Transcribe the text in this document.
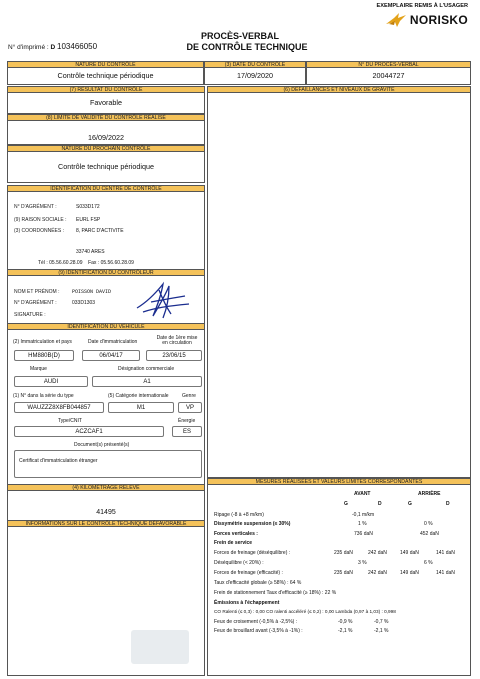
EXEMPLAIRE REMIS À L'USAGER
NORISKO
PROCÈS-VERBAL
DE CONTRÔLE TECHNIQUE
N° d'imprimé : D 103466050
NATURE DU CONTRÔLE
Contrôle technique périodique
(3) DATE DU CONTRÔLE
17/09/2020
N° DU PROCÈS-VERBAL
20044727
(6) DÉFAILLANCES ET NIVEAUX DE GRAVITÉ
(7) RÉSULTAT DU CONTRÔLE
Favorable
(8) LIMITE DE VALIDITÉ DU CONTRÔLE RÉALISÉ
16/09/2022
NATURE DU PROCHAIN CONTRÔLE
Contrôle technique périodique
IDENTIFICATION DU CENTRE DE CONTRÔLE
N° D'AGRÉMENT :	S033D172
(9) RAISON SOCIALE : EURL FSP
(3) COORDONNÉES : 8, PARC D'ACTIVITE
33740 ARES
Tél : 05.56.60.28.09 Fax : 05.56.60.28.09
(9) IDENTIFICATION DU CONTRÔLEUR
NOM ET PRÉNOM :	POISSON DAVID
N° D'AGRÉMENT :	033D1303
SIGNATURE :
IDENTIFICATION DU VÉHICULE
(2) Immatriculation et pays	Date d'immatriculation
Date de 1ère mise en circulation
HM880B(D)	06/04/17	23/06/15
Marque	Désignation commerciale
AUDI	A1
(1) N° dans la série du type	(5) Catégorie internationale	Genre
WAUZZZ8X8FB044857	M1	VP
Type/CNIT	Énergie
ACZCAF1	ES
Document(s) présenté(s)
Certificat d'immatriculation étranger
(4) KILOMÉTRAGE RELEVÉ
41495
INFORMATIONS SUR LE CONTRÔLE TECHNIQUE DÉFAVORABLE
MESURES RÉALISÉES ET VALEURS LIMITES CORRESPONDANTES
AVANT	ARRIÈRE
G	D	G	D
Ripage (-8 à +8 m/km)	-0,1 m/km
Dissymétrie suspension (≤ 30%)	1 %	0 %
Forces verticales :	736 daN	452 daN
Frein de service
Forces de freinage (déséquilibre) :	235 daN	242 daN	149 daN	141 daN
Déséquilibre (< 20%) :	3 %	6 %
Forces de freinage (efficacité) :	235 daN	242 daN	149 daN	141 daN
Taux d'efficacité globale (≥ 58%) : 64 %
Frein de stationnement Taux d'efficacité (≥ 18%) : 22 %
Émissions à l'échappement
CO Ralenti (≤ 0,3) : 0,00 CO ralenti accéléré (≤ 0,2) : 0,00 Lambda (0,97 à 1,03) : 0,998
Feux de croisement (-0,5% à -2,5%) :	-0,9 %	-0,7 %
Feux de brouillard avant (-3,5% à -1%) :	-2,1 %	-2,1 %
